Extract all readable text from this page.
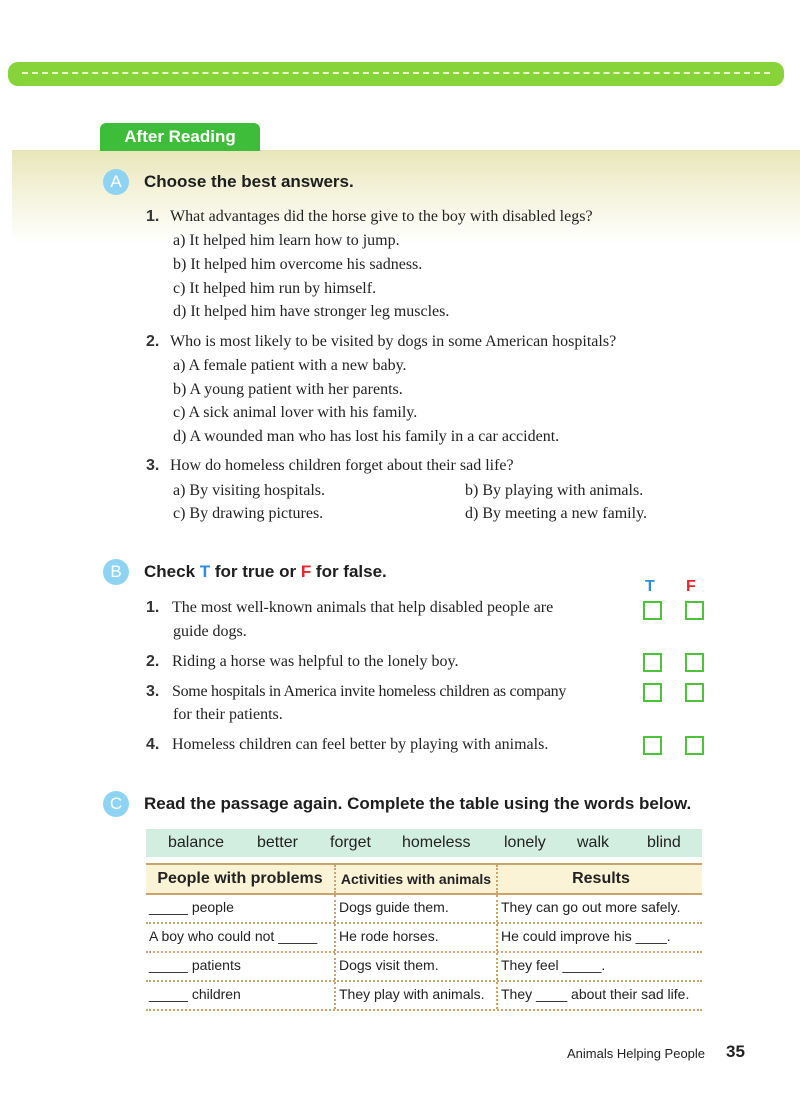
After Reading
A	Choose the best answers.
1. What advantages did the horse give to the boy with disabled legs?
a) It helped him learn how to jump.
b) It helped him overcome his sadness.
c) It helped him run by himself.
d) It helped him have stronger leg muscles.
2. Who is most likely to be visited by dogs in some American hospitals?
a) A female patient with a new baby.
b) A young patient with her parents.
c) A sick animal lover with his family.
d) A wounded man who has lost his family in a car accident.
3. How do homeless children forget about their sad life?
a) By visiting hospitals.	b) By playing with animals.
c) By drawing pictures.	d) By meeting a new family.
B	Check T for true or F for false.
T F
1. The most well-known animals that help disabled people are
guide dogs.
2. Riding a horse was helpful to the lonely boy.
3. Some hospitals in America invite homeless children as company
for their patients.
4. Homeless children can feel better by playing with animals.
C	Read the passage again. Complete the table using the words below.
balance better forget homeless lonely walk blind
People with problems	Activities with animals	Results
_____ people	Dogs guide them.	They can go out more safely.
A boy who could not _____	He rode horses.	He could improve his ____.
_____ patients	Dogs visit them.	They feel _____.
_____ children	They play with animals.	They ____ about their sad life.
Animals Helping People 35
